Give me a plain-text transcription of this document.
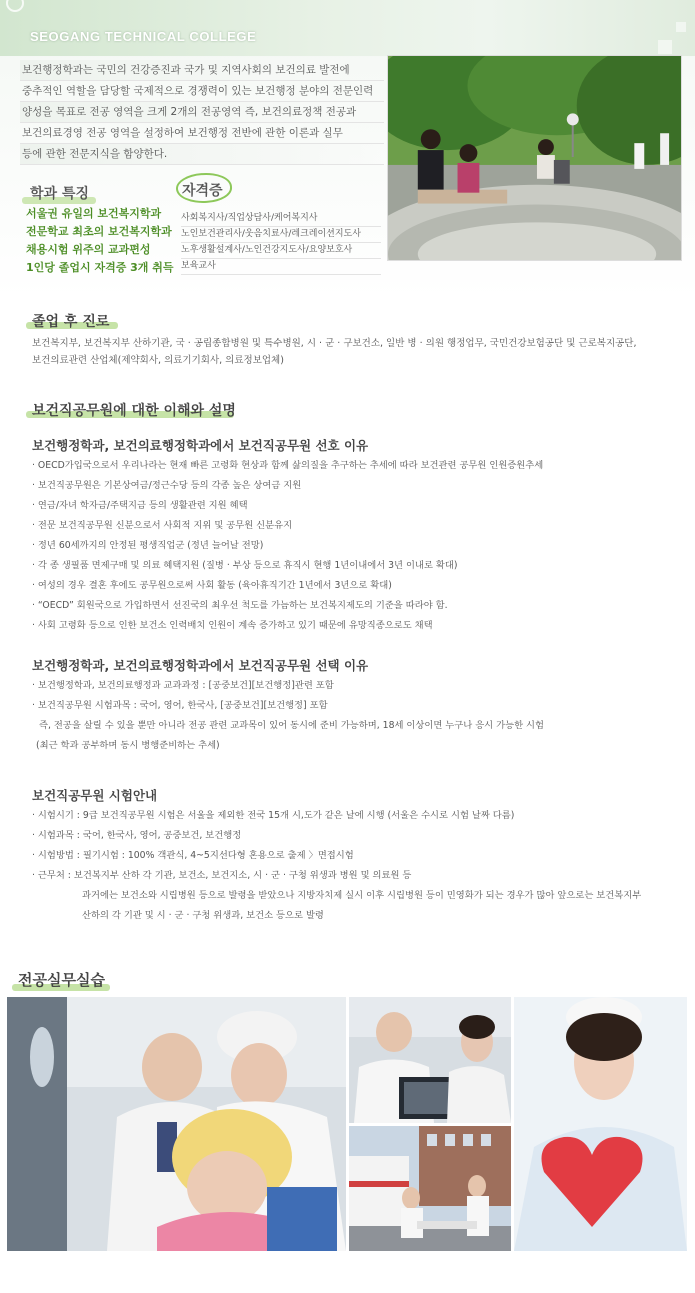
SEOGANG TECHNICAL COLLEGE
보건행정학과는 국민의 건강증진과 국가 및 지역사회의 보건의료 발전에
중추적인 역할을 담당할 국제적으로 경쟁력이 있는 보건행정 분야의 전문인력
양성을 목표로 전공 영역을 크게 2개의 전공영역 즉, 보건의료정책 전공과
보건의료경영 전공 영역을 설정하여 보건행정 전반에 관한 이론과 실무
등에 관한 전문지식을 함양한다.
학과 특징
서울권 유일의 보건복지학과
전문학교 최초의 보건복지학과
채용시험 위주의 교과편성
1인당 졸업시 자격증 3개 취득
자격증
사회복지사/직업상담사/케어복지사
노인보건관리사/웃음치료사/레크레이션지도사
노후생활설계사/노인건강지도사/요양보호사
보육교사
졸업 후 진로
보건복지부, 보건복지부 산하기관, 국 · 공립종합병원 및 특수병원, 시 · 군 · 구보건소, 일반 병 · 의원 행정업무, 국민건강보험공단 및 근로복지공단,
보건의료관련 산업체(제약회사, 의료기기회사, 의료정보업체)
보건직공무원에 대한 이해와 설명
보건행정학과, 보건의료행정학과에서 보건직공무원 선호 이유
· OECD가입국으로서 우리나라는 현재 빠른 고령화 현상과 함께 삶의질을 추구하는 추세에 따라 보건관련 공무원 인원증원추세
· 보건직공무원은 기본상여금/정근수당 등의 각종 높은 상여금 지원
· 연금/자녀 학자금/주택지금 등의 생활관련 지원 혜택
· 전문 보건직공무원 신분으로서 사회적 지위 및 공무원 신분유지
· 정년 60세까지의 안정된 평생직업군 (정년 늘어날 전망)
· 각 종 생필품 면제구매 및 의료 혜택지원 (질병 · 부상 등으로 휴직시 현행 1년이내에서 3년 이내로 확대)
· 여성의 경우 결혼 후에도 공무원으로써 사회 활동 (육아휴직기간 1년에서 3년으로 확대)
· “OECD” 회원국으로 가입하면서 선진국의 최우선 척도를 가늠하는 보건복지제도의 기준을 따라야 함.
· 사회 고령화 등으로 인한 보건소 인력배치 인원이 계속 증가하고 있기 때문에 유망직종으로도 채택
보건행정학과, 보건의료행정학과에서 보건직공무원 선택 이유
· 보건행정학과, 보건의료행정과 교과과정 : [공중보건][보건행정]관련 포함
· 보건직공무원 시험과목 : 국어, 영어, 한국사, [공중보건][보건행정] 포함
즉, 전공을 살릴 수 있을 뿐만 아니라 전공 관련 교과목이 있어 동시에 준비 가능하며, 18세 이상이면 누구나 응시 가능한 시험
(최근 학과 공부하며 동시 병행준비하는 추세)
보건직공무원 시험안내
· 시험시기 : 9급 보건직공무원 시험은 서울을 제외한 전국 15개 시,도가 같은 날에 시행 (서울은 수시로 시험 날짜 다름)
· 시험과목 : 국어, 한국사, 영어, 공중보건, 보건행정
· 시험방법 : 필기시험 : 100% 객관식, 4~5지선다형 혼용으로 출제 〉면접시험
· 근무처 : 보건복지부 산하 각 기관, 보건소, 보건지소, 시 · 군 · 구청 위생과 병원 및 의료원 등
과거에는 보건소와 시립병원 등으로 발령을 받았으나 지방자치제 실시 이후 시립병원 등이 민영화가 되는 경우가 많아 앞으로는 보건복지부
산하의 각 기관 및 시 · 군 · 구청 위생과, 보건소 등으로 발령
전공실무실습
